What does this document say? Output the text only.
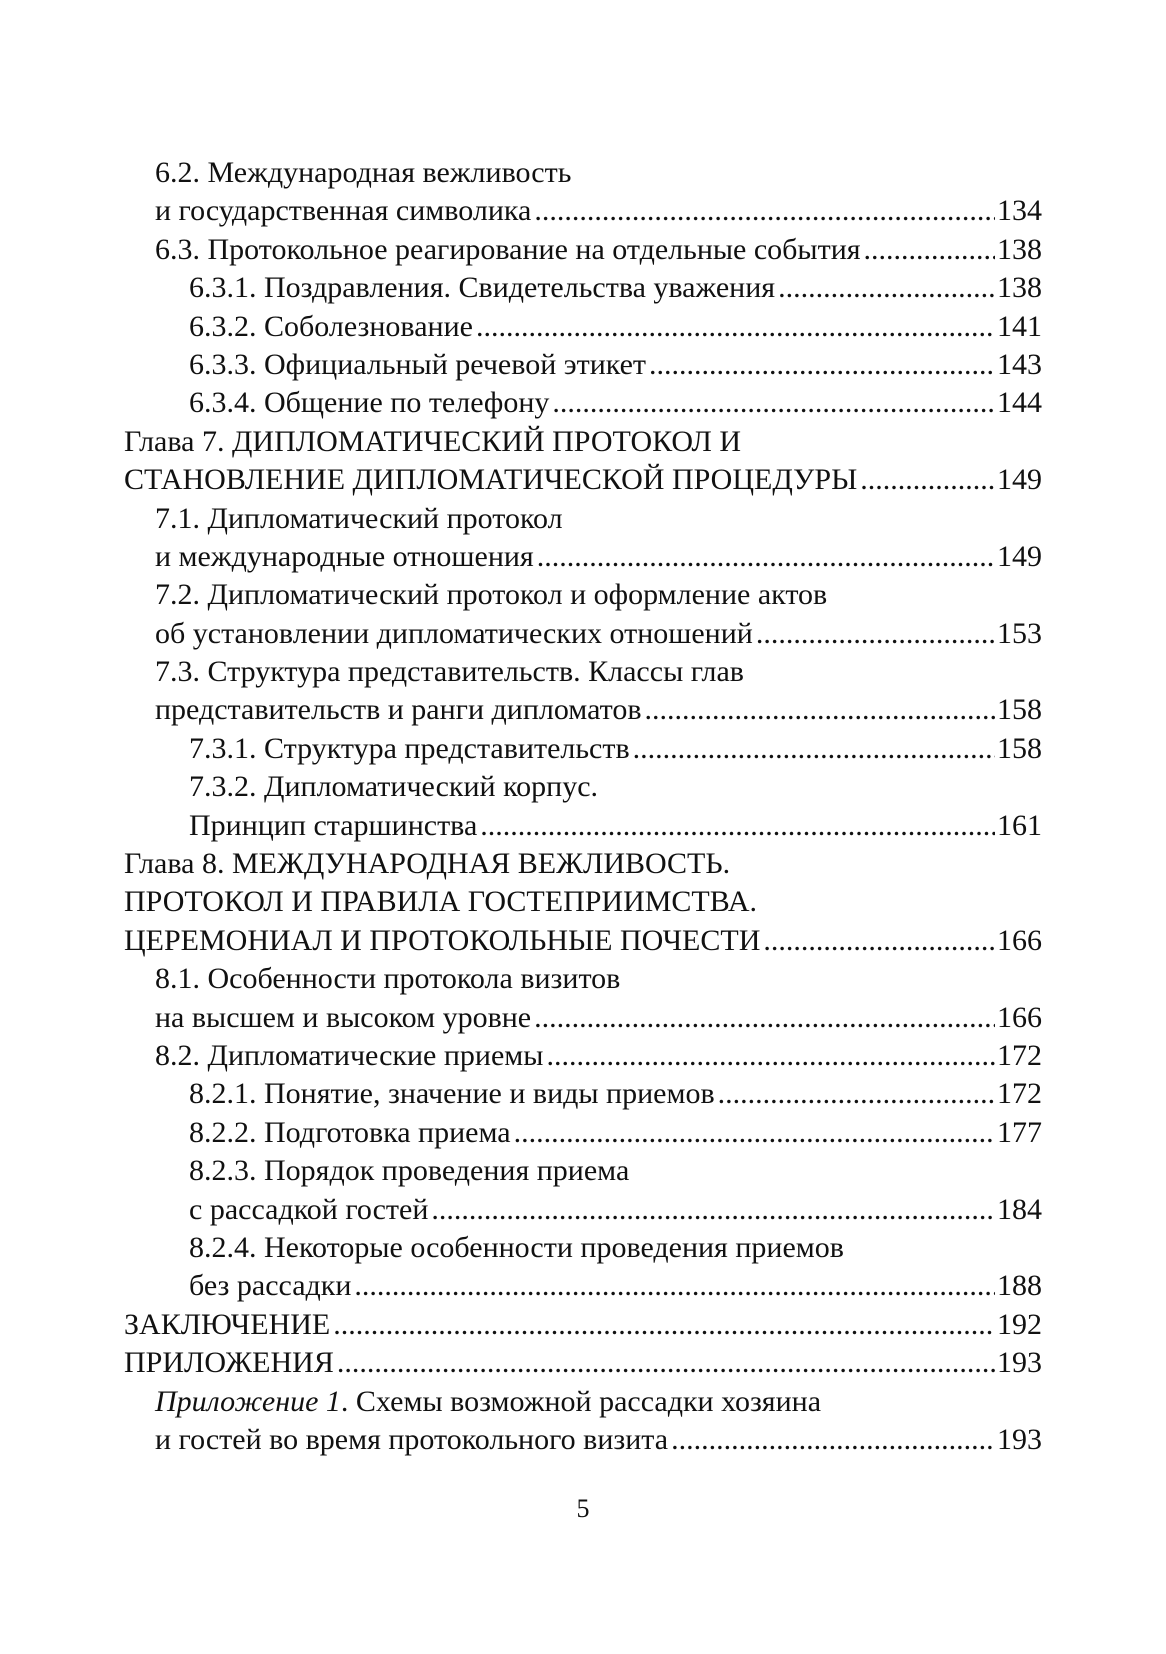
6.2. Международная вежливость
и государственная символика .....	134
6.3. Протокольное реагирование на отдельные события .....	138
6.3.1. Поздравления. Свидетельства уважения .....	138
6.3.2. Соболезнование .....	141
6.3.3. Официальный речевой этикет .....	143
6.3.4. Общение по телефону .....	144
Глава 7. ДИПЛОМАТИЧЕСКИЙ ПРОТОКОЛ И
СТАНОВЛЕНИЕ ДИПЛОМАТИЧЕСКОЙ ПРОЦЕДУРЫ .....	149
7.1. Дипломатический протокол
и международные отношения .....	149
7.2. Дипломатический протокол и оформление актов
об установлении дипломатических отношений .....	153
7.3. Структура представительств. Классы глав
представительств и ранги дипломатов .....	158
7.3.1. Структура представительств .....	158
7.3.2. Дипломатический корпус.
Принцип старшинства .....	161
Глава 8. МЕЖДУНАРОДНАЯ ВЕЖЛИВОСТЬ.
ПРОТОКОЛ И ПРАВИЛА ГОСТЕПРИИМСТВА.
ЦЕРЕМОНИАЛ И ПРОТОКОЛЬНЫЕ ПОЧЕСТИ .....	166
8.1. Особенности протокола визитов
на высшем и высоком уровне .....	166
8.2. Дипломатические приемы .....	172
8.2.1. Понятие, значение и виды приемов .....	172
8.2.2. Подготовка приема .....	177
8.2.3. Порядок проведения приема
с рассадкой гостей .....	184
8.2.4. Некоторые особенности проведения приемов
без рассадки .....	188
ЗАКЛЮЧЕНИЕ .....	192
ПРИЛОЖЕНИЯ .....	193
Приложение 1. Схемы возможной рассадки хозяина
и гостей во время протокольного визита .....	193
5
